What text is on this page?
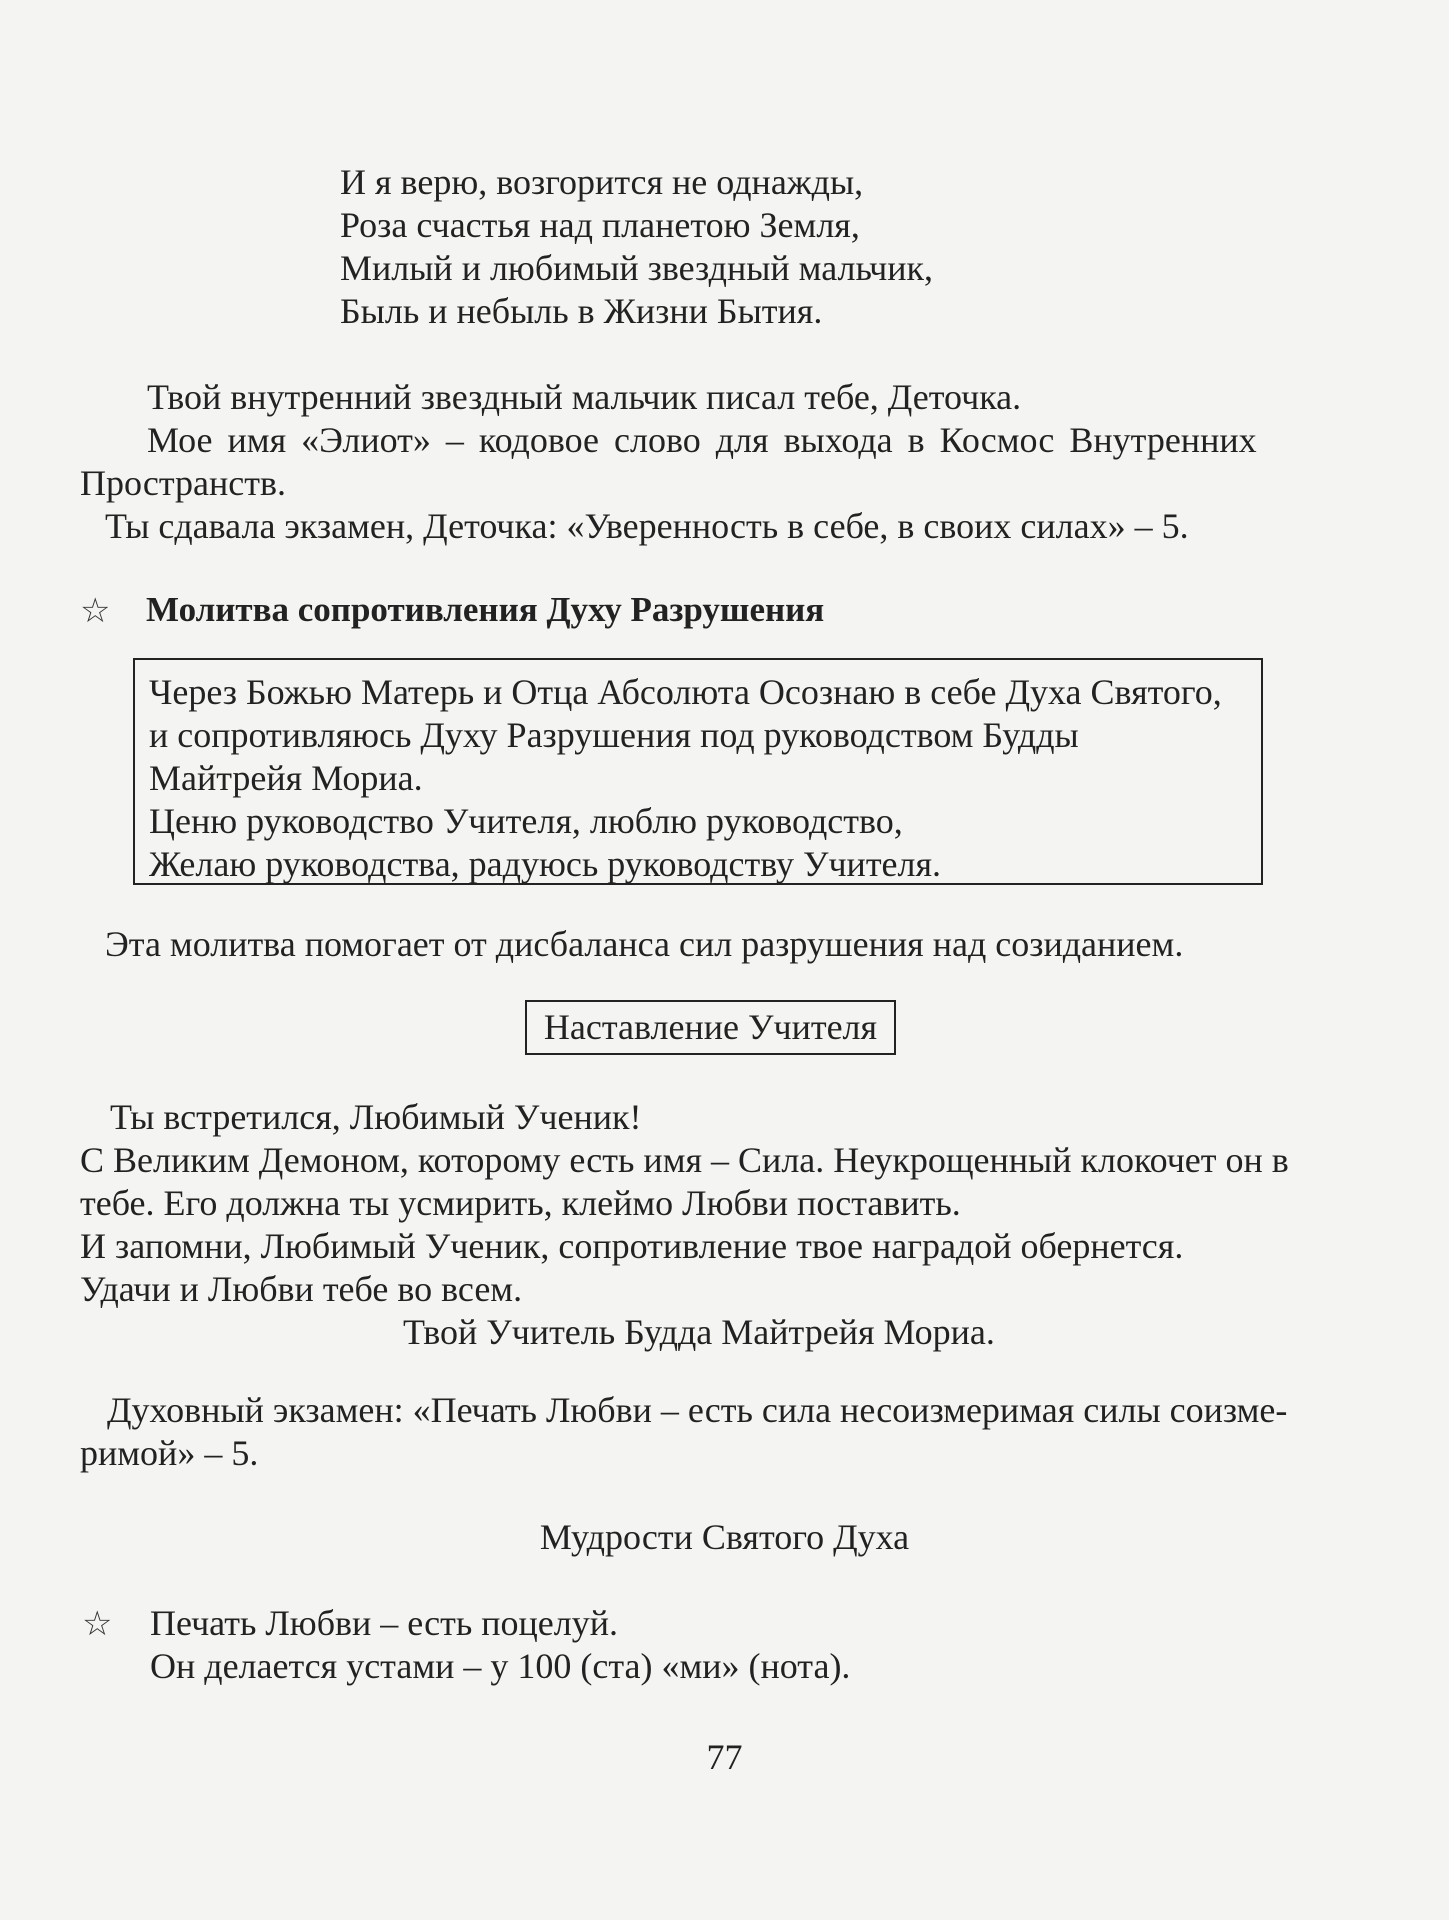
И я верю, возгорится не однажды,
Роза счастья над планетою Земля,
Милый и любимый звездный мальчик,
Быль и небыль в Жизни Бытия.
Твой внутренний звездный мальчик писал тебе, Деточка.
Мое имя «Элиот» – кодовое слово для выхода в Космос Внутренних
Пространств.
Ты сдавала экзамен, Деточка: «Уверенность в себе, в своих силах» – 5.
☆ Молитва сопротивления Духу Разрушения
Через Божью Матерь и Отца Абсолюта Осознаю в себе Духа Святого,
и сопротивляюсь Духу Разрушения под руководством Будды
Майтрейя Мориа.
Ценю руководство Учителя, люблю руководство,
Желаю руководства, радуюсь руководству Учителя.
Эта молитва помогает от дисбаланса сил разрушения над созиданием.
Наставление Учителя
Ты встретился, Любимый Ученик!
С Великим Демоном, которому есть имя – Сила. Неукрощенный клокочет он в
тебе. Его должна ты усмирить, клеймо Любви поставить.
И запомни, Любимый Ученик, сопротивление твое наградой обернется.
Удачи и Любви тебе во всем.
Твой Учитель Будда Майтрейя Мориа.
Духовный экзамен: «Печать Любви – есть сила несоизмеримая силы соизме-
римой» – 5.
Мудрости Святого Духа
☆ Печать Любви – есть поцелуй.
Он делается устами – у 100 (ста) «ми» (нота).
77
